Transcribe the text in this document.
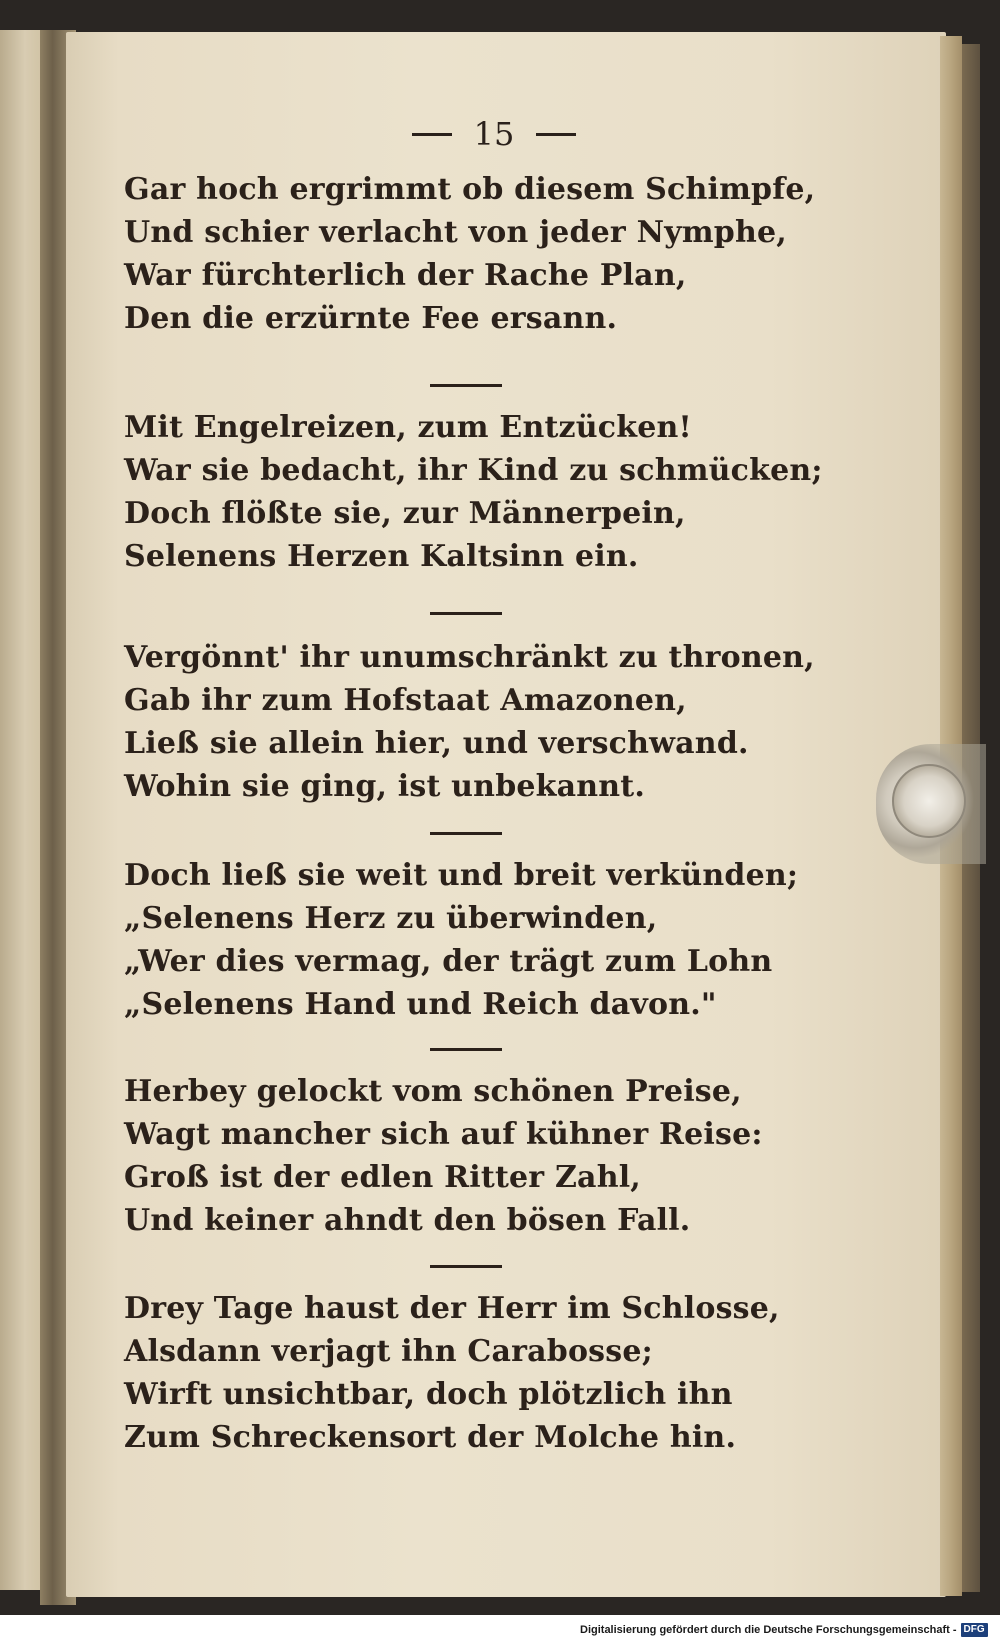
15
Gar hoch ergrimmt ob diesem Schimpfe,
Und schier verlacht von jeder Nymphe,
War fürchterlich der Rache Plan,
Den die erzürnte Fee ersann.
Mit Engelreizen, zum Entzücken!
War sie bedacht, ihr Kind zu schmücken;
Doch flößte sie, zur Männerpein,
Selenens Herzen Kaltsinn ein.
Vergönnt' ihr unumschränkt zu thronen,
Gab ihr zum Hofstaat Amazonen,
Ließ sie allein hier, und verschwand.
Wohin sie ging, ist unbekannt.
Doch ließ sie weit und breit verkünden;
„Selenens Herz zu überwinden,
„Wer dies vermag, der trägt zum Lohn
„Selenens Hand und Reich davon."
Herbey gelockt vom schönen Preise,
Wagt mancher sich auf kühner Reise:
Groß ist der edlen Ritter Zahl,
Und keiner ahndt den bösen Fall.
Drey Tage haust der Herr im Schlosse,
Alsdann verjagt ihn Carabosse;
Wirft unsichtbar, doch plötzlich ihn
Zum Schreckensort der Molche hin.
Digitalisierung gefördert durch die Deutsche Forschungsgemeinschaft - DFG
